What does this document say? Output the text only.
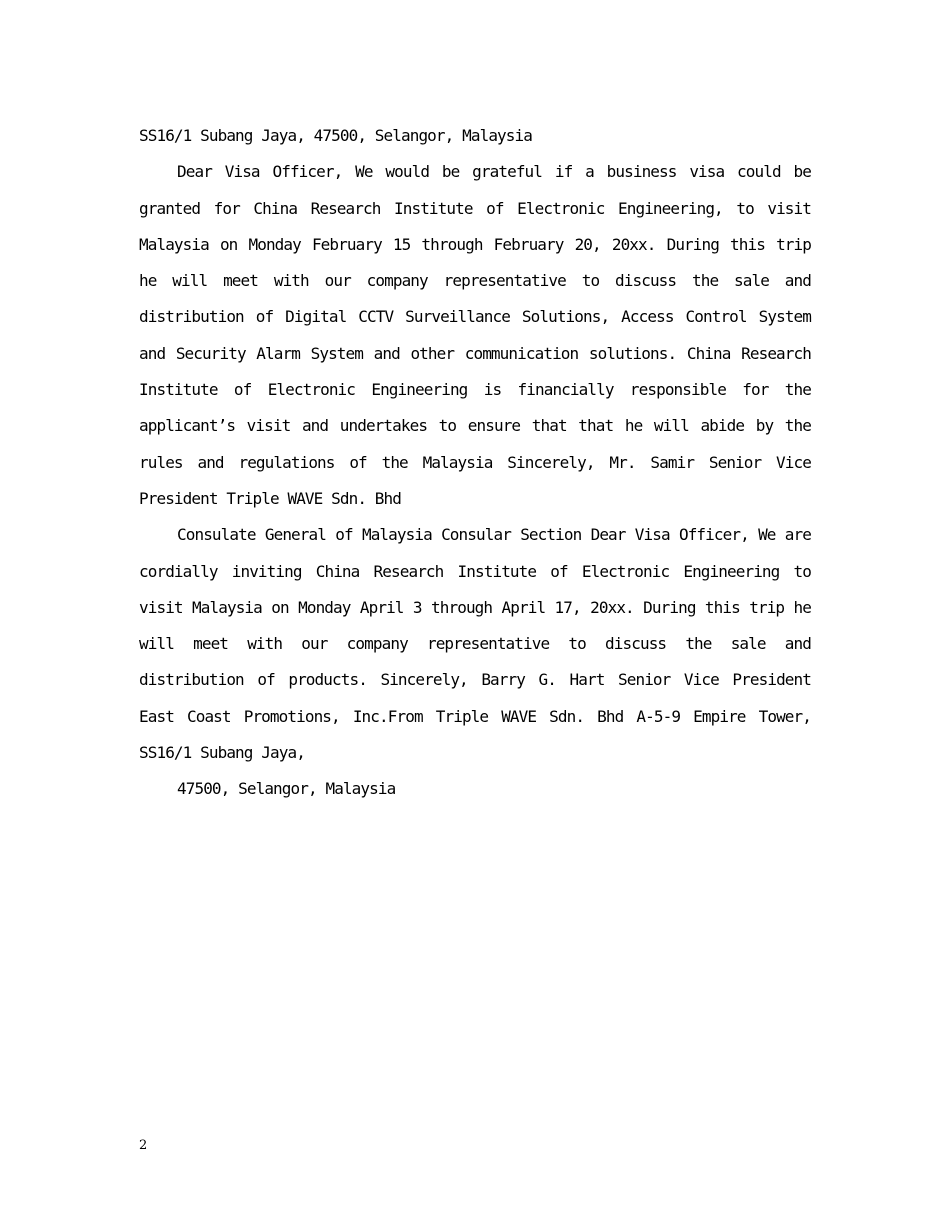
SS16/1 Subang Jaya, 47500, Selangor, Malaysia

Dear Visa Officer, We would be grateful if a business visa could be granted for China Research Institute of Electronic Engineering, to visit Malaysia on Monday February 15 through February 20, 20xx. During this trip he will meet with our company representative to discuss the sale and distribution of Digital CCTV Surveillance Solutions, Access Control System and Security Alarm System and other communication solutions. China Research Institute of Electronic Engineering is financially responsible for the applicant’s visit and undertakes to ensure that that he will abide by the rules and regulations of the Malaysia Sincerely, Mr. Samir Senior Vice President Triple WAVE Sdn. Bhd

Consulate General of Malaysia Consular Section Dear Visa Officer, We are cordially inviting China Research Institute of Electronic Engineering to visit Malaysia on Monday April 3 through April 17, 20xx. During this trip he will meet with our company representative to discuss the sale and distribution of products. Sincerely, Barry G. Hart Senior Vice President East Coast Promotions, Inc.From Triple WAVE Sdn. Bhd A-5-9 Empire Tower, SS16/1 Subang Jaya,

47500, Selangor, Malaysia

2
